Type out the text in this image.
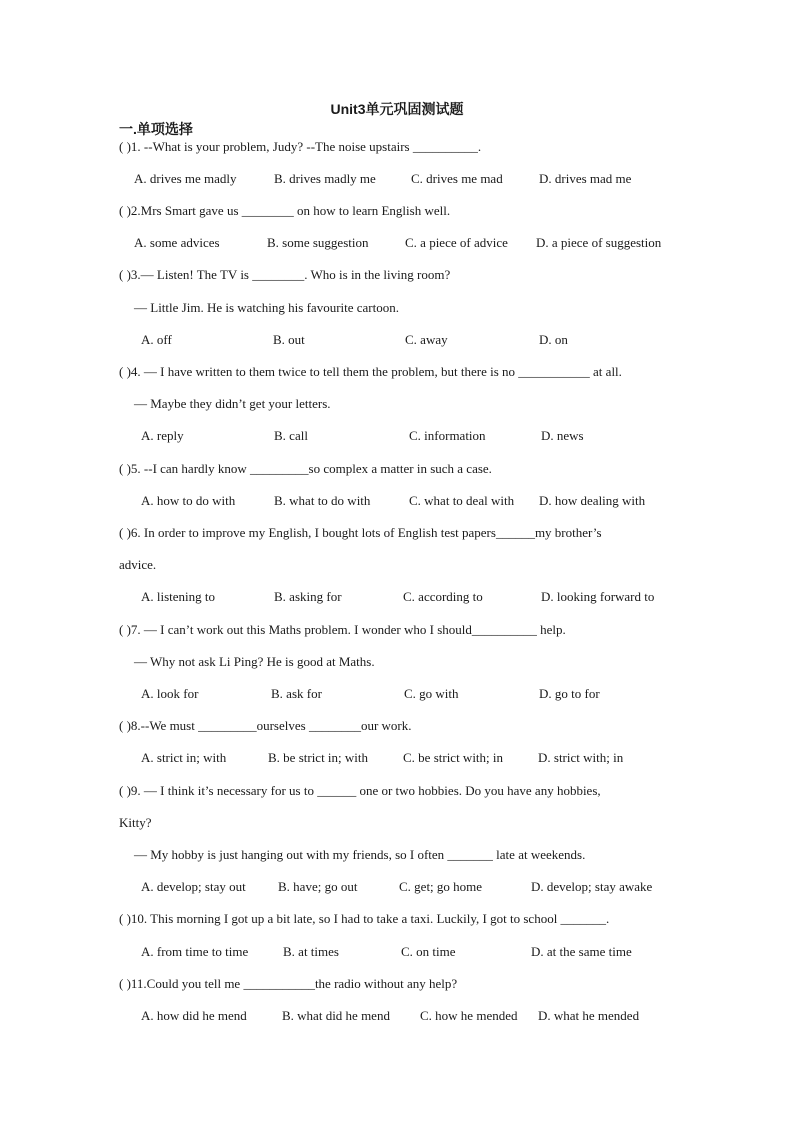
Unit3单元巩固测试题
一.单项选择
( )1. --What is your problem, Judy? --The noise upstairs __________.
A. drives me madly	B. drives madly me	C. drives me mad	D. drives mad me
( )2.Mrs Smart gave us ________ on how to learn English well.
A. some advices	B. some suggestion	C. a piece of advice D. a piece of suggestion
( )3.— Listen! The TV is ________. Who is in the living room?
— Little Jim. He is watching his favourite cartoon.
A. off	B. out	C. away	D. on
( )4. — I have written to them twice to tell them the problem, but there is no ___________ at all.
— Maybe they didn’t get your letters.
A. reply	B. call	C. information	D. news
( )5. --I can hardly know _________so complex a matter in such a case.
A. how to do with	B. what to do with	C. what to deal with D. how dealing with
( )6. In order to improve my English, I bought lots of English test papers______my brother’s
advice.
A. listening to	B. asking for	C. according to	D. looking forward to
( )7. — I can’t work out this Maths problem. I wonder who I should__________ help.
— Why not ask Li Ping? He is good at Maths.
A. look for	B. ask for	C. go with	D. go to for
( )8.--We must _________ourselves ________our work.
A. strict in; with	B. be strict in; with	C. be strict with; in	D. strict with; in
( )9. — I think it’s necessary for us to ______ one or two hobbies. Do you have any hobbies,
Kitty?
— My hobby is just hanging out with my friends, so I often _______ late at weekends.
A. develop; stay out B. have; go out	C. get; go home	D. develop; stay awake
( )10. This morning I got up a bit late, so I had to take a taxi. Luckily, I got to school _______.
A. from time to time	B. at times	C. on time	D. at the same time
( )11.Could you tell me ___________the radio without any help?
A. how did he mend	B. what did he mend C. how he mended D. what he mended
